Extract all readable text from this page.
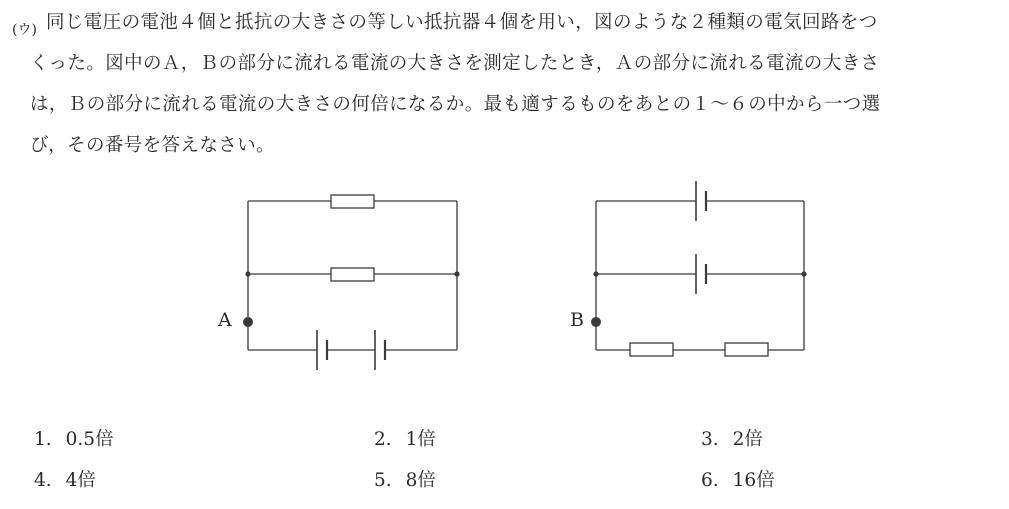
(ウ) 同じ電圧の電池４個と抵抗の大きさの等しい抵抗器４個を用い，図のような２種類の電気回路をつ
くった。図中のＡ，Ｂの部分に流れる電流の大きさを測定したとき，Ａの部分に流れる電流の大きさ
は，Ｂの部分に流れる電流の大きさの何倍になるか。最も適するものをあとの１～６の中から一つ選
び，その番号を答えなさい。
A	B
1. 0.5倍	2. 1倍	3. 2倍
4. 4倍	5. 8倍	6. 16倍
